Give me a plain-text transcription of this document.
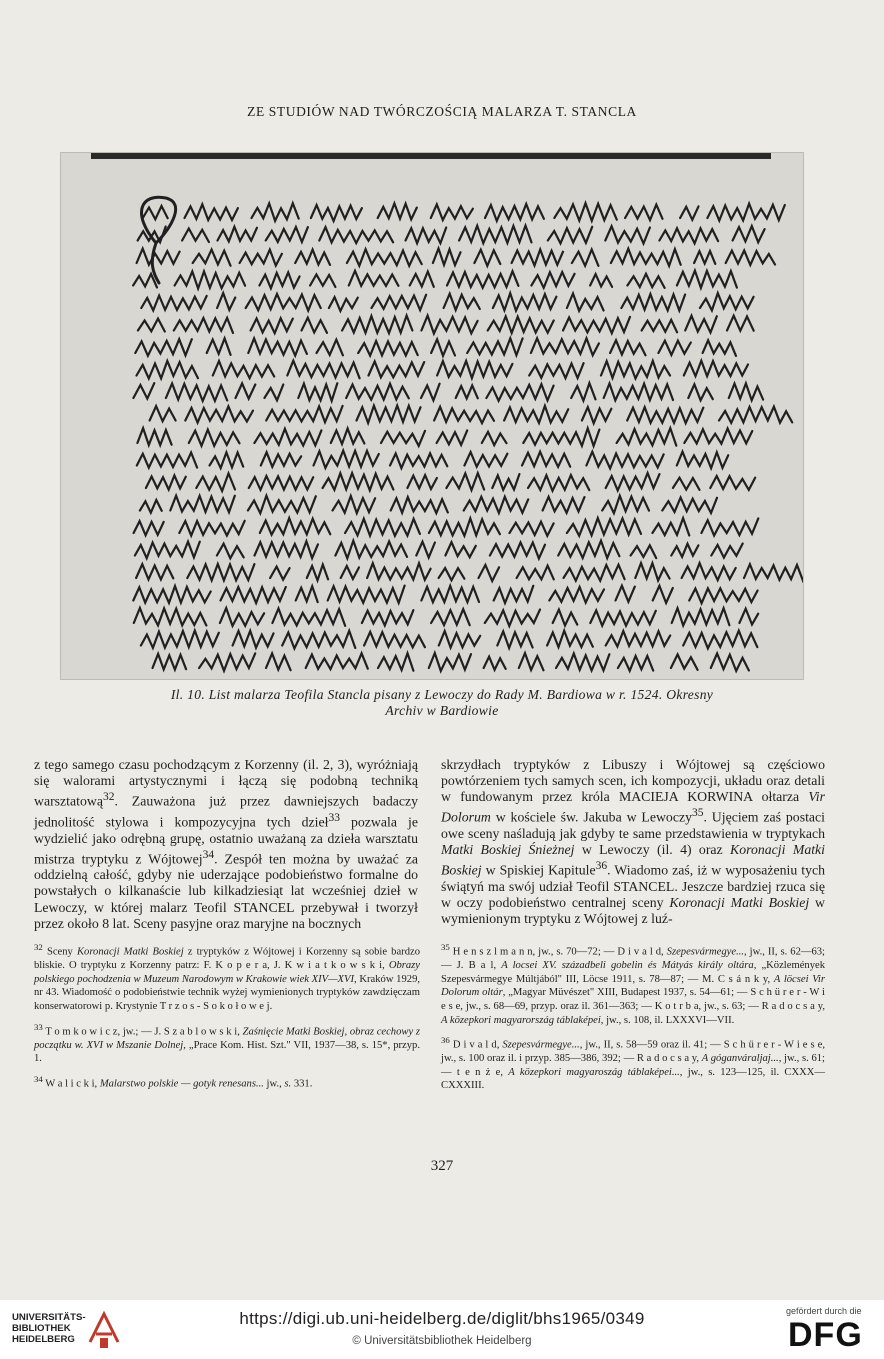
ZE STUDIÓW NAD TWÓRCZOŚCIĄ MALARZA T. STANCLA
Il. 10. List malarza Teofila Stancla pisany z Lewoczy do Rady M. Bardiowa w r. 1524. Okresny
Archiv w Bardiowie

z tego samego czasu pochodzącym z Korzenny (il. 2, 3), wyróżniają się walorami artystycznymi i łączą się podobną techniką warsztatową$^{32}$. Zauważona już przez dawniejszych badaczy jednolitość stylowa i kompozycyjna tych dzieł$^{33}$ pozwala je wydzielić jako odrębną grupę, ostatnio uważaną za dzieła warsztatu mistrza tryptyku z Wójtowej$^{34}$. Zespół ten można by uważać za oddzielną całość, gdyby nie uderzające podobieństwo formalne do powstałych o kilkanaście lub kilkadziesiąt lat wcześniej dzieł w Lewoczy, w której malarz Teofil STANCEL przebywał i tworzył przez około 8 lat. Sceny pasyjne oraz maryjne na bocznych

skrzydłach tryptyków z Libuszy i Wójtowej są częściowo powtórzeniem tych samych scen, ich kompozycji, układu oraz detali w fundowanym przez króla MACIEJA KORWINA ołtarza Vir Dolorum w kościele św. Jakuba w Lewoczy$^{35}$. Ujęciem zaś postaci owe sceny naśladują jak gdyby te same przedstawienia w tryptykach Matki Boskiej Śnieżnej w Lewoczy (il. 4) oraz Koronacji Matki Boskiej w Spiskiej Kapitule$^{36}$. Wiadomo zaś, iż w wyposażeniu tych świątyń ma swój udział Teofil STANCEL. Jeszcze bardziej rzuca się w oczy podobieństwo centralnej sceny Koronacji Matki Boskiej w wymienionym tryptyku z Wójtowej z luź-

$^{32}$ Sceny Koronacji Matki Boskiej z tryptyków z Wójtowej i Korzenny są sobie bardzo bliskie. O tryptyku z Korzenny patrz: F. K o p e r a, J. K w i a t k o w s k i, Obrazy polskiego pochodzenia w Muzeum Narodowym w Krakowie wiek XIV—XVI, Kraków 1929, nr 43. Wiadomość o podobieństwie technik wyżej wymienionych tryptyków zawdzięczam konserwatorowi p. Krystynie T r z o s - S o k o ł o w e j.

$^{33}$ T o m k o w i c z, jw.; — J. S z a b l o w s k i, Zaśnięcie Matki Boskiej, obraz cechowy z początku w. XVI w Mszanie Dolnej, „Prace Kom. Hist. Szt." VII, 1937—38, s. 15*, przyp. 1.

$^{34}$ W a l i c k i, Malarstwo polskie — gotyk renesans... jw., s. 331.

$^{35}$ H e n s z l m a n n, jw., s. 70—72; — D i v a l d, Szepesvármegye..., jw., II, s. 62—63; — J. B a l, A locsei XV. századbeli gobelin és Mátyás király oltára, „Közlemények Szepesvármegye Múltjából" III, Löcse 1911, s. 78—87; — M. C s á n k y, A löcsei Vir Dolorum oltár, „Magyar Müvészet" XIII, Budapest 1937, s. 54—61; — S c h ü r e r - W i e s e, jw., s. 68—69, przyp. oraz il. 361—363; — K o t r b a, jw., s. 63; — R a d o c s a y, A közepkori magyarország táblaképei, jw., s. 108, il. LXXXVI—VII.

$^{36}$ D i v a l d, Szepesvármegye..., jw., II, s. 58—59 oraz il. 41; — S c h ü r e r - W i e s e, jw., s. 100 oraz il. i przyp. 385—386, 392; — R a d o c s a y, A góganváraljaj..., jw., s. 61; — t e n ż e, A közepkori magyaroszág táblaképei..., jw., s. 123—125, il. CXXX—CXXXIII.

327
UNIVERSITÄTS-
BIBLIOTHEK
HEIDELBERG
https://digi.ub.uni-heidelberg.de/diglit/bhs1965/0349
© Universitätsbibliothek Heidelberg
gefördert durch die
DFG
